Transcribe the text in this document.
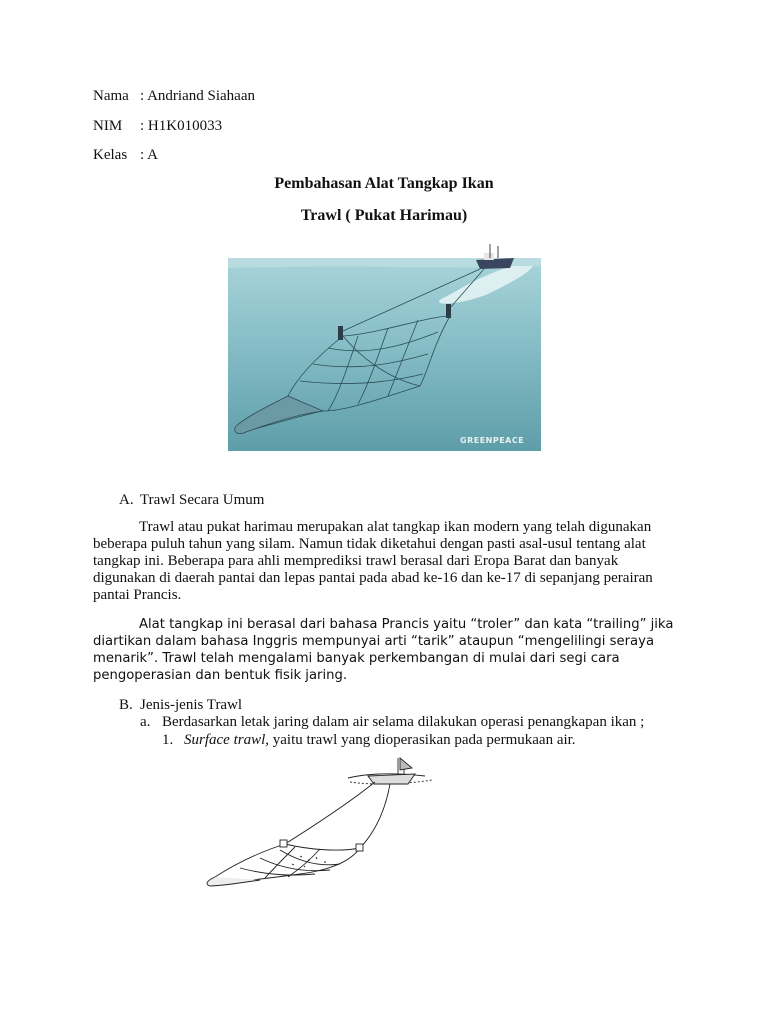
Nama : Andriand Siahaan
NIM : H1K010033
Kelas : A
Pembahasan Alat Tangkap Ikan
Trawl ( Pukat Harimau)
GREENPEACE
A. Trawl Secara Umum
Trawl atau pukat harimau merupakan alat tangkap ikan modern yang telah digunakan
beberapa puluh tahun yang silam. Namun tidak diketahui dengan pasti asal-usul tentang alat
tangkap ini. Beberapa para ahli memprediksi trawl berasal dari Eropa Barat dan banyak
digunakan di daerah pantai dan lepas pantai pada abad ke-16 dan ke-17 di sepanjang perairan
pantai Prancis.
Alat tangkap ini berasal dari bahasa Prancis yaitu “troler” dan kata “trailing” jika
diartikan dalam bahasa Inggris mempunyai arti “tarik” ataupun “mengelilingi seraya
menarik”. Trawl telah mengalami banyak perkembangan di mulai dari segi cara
pengoperasian dan bentuk fisik jaring.
B. Jenis-jenis Trawl
a. Berdasarkan letak jaring dalam air selama dilakukan operasi penangkapan ikan ;
1. Surface trawl, yaitu trawl yang dioperasikan pada permukaan air.
